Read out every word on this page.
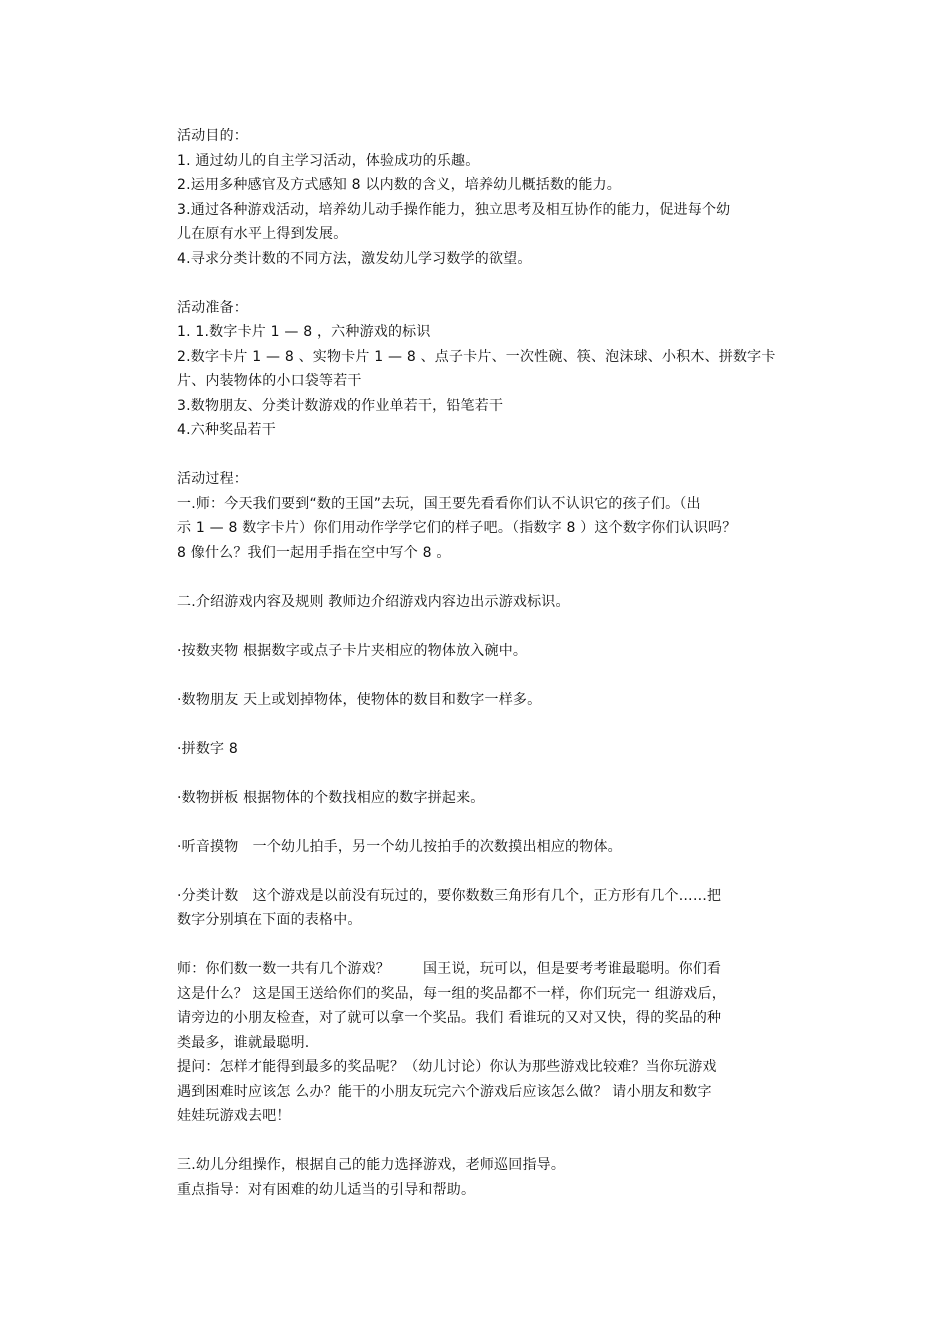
活动目的：

1. 通过幼儿的自主学习活动，体验成功的乐趣。

2.运用多种感官及方式感知 8 以内数的含义，培养幼儿概括数的能力。

3.通过各种游戏活动，培养幼儿动手操作能力，独立思考及相互协作的能力，促进每个幼

儿在原有水平上得到发展。

4.寻求分类计数的不同方法，激发幼儿学习数学的欲望。

活动准备：

1. 1.数字卡片 1 — 8 ，六种游戏的标识

2.数字卡片 1 — 8 、实物卡片 1 — 8 、点子卡片、一次性碗、筷、泡沫球、小积木、拼数字卡

片、内装物体的小口袋等若干

3.数物朋友、分类计数游戏的作业单若干，铅笔若干

4.六种奖品若干

活动过程：

一.师：今天我们要到“数的王国”去玩，国王要先看看你们认不认识它的孩子们。（出

示 1 — 8 数字卡片）你们用动作学学它们的样子吧。（指数字 8 ）这个数字你们认识吗？

8 像什么？我们一起用手指在空中写个 8 。

二.介绍游戏内容及规则 教师边介绍游戏内容边出示游戏标识。

·按数夹物 根据数字或点子卡片夹相应的物体放入碗中。

·数物朋友 天上或划掉物体，使物体的数目和数字一样多。

·拼数字 8

·数物拼板 根据物体的个数找相应的数字拼起来。

·听音摸物　一个幼儿拍手，另一个幼儿按拍手的次数摸出相应的物体。

·分类计数　这个游戏是以前没有玩过的，要你数数三角形有几个，正方形有几个……把

数字分别填在下面的表格中。

师：你们数一数一共有几个游戏？　　 国王说，玩可以，但是要考考谁最聪明。你们看

这是什么？ 这是国王送给你们的奖品，每一组的奖品都不一样，你们玩完一 组游戏后，

请旁边的小朋友检查，对了就可以拿一个奖品。我们 看谁玩的又对又快，得的奖品的种

类最多，谁就最聪明.

提问：怎样才能得到最多的奖品呢？（幼儿讨论）你认为那些游戏比较难？当你玩游戏

遇到困难时应该怎 么办？能干的小朋友玩完六个游戏后应该怎么做？ 请小朋友和数字

娃娃玩游戏去吧！

三.幼儿分组操作，根据自己的能力选择游戏，老师巡回指导。

重点指导：对有困难的幼儿适当的引导和帮助。
